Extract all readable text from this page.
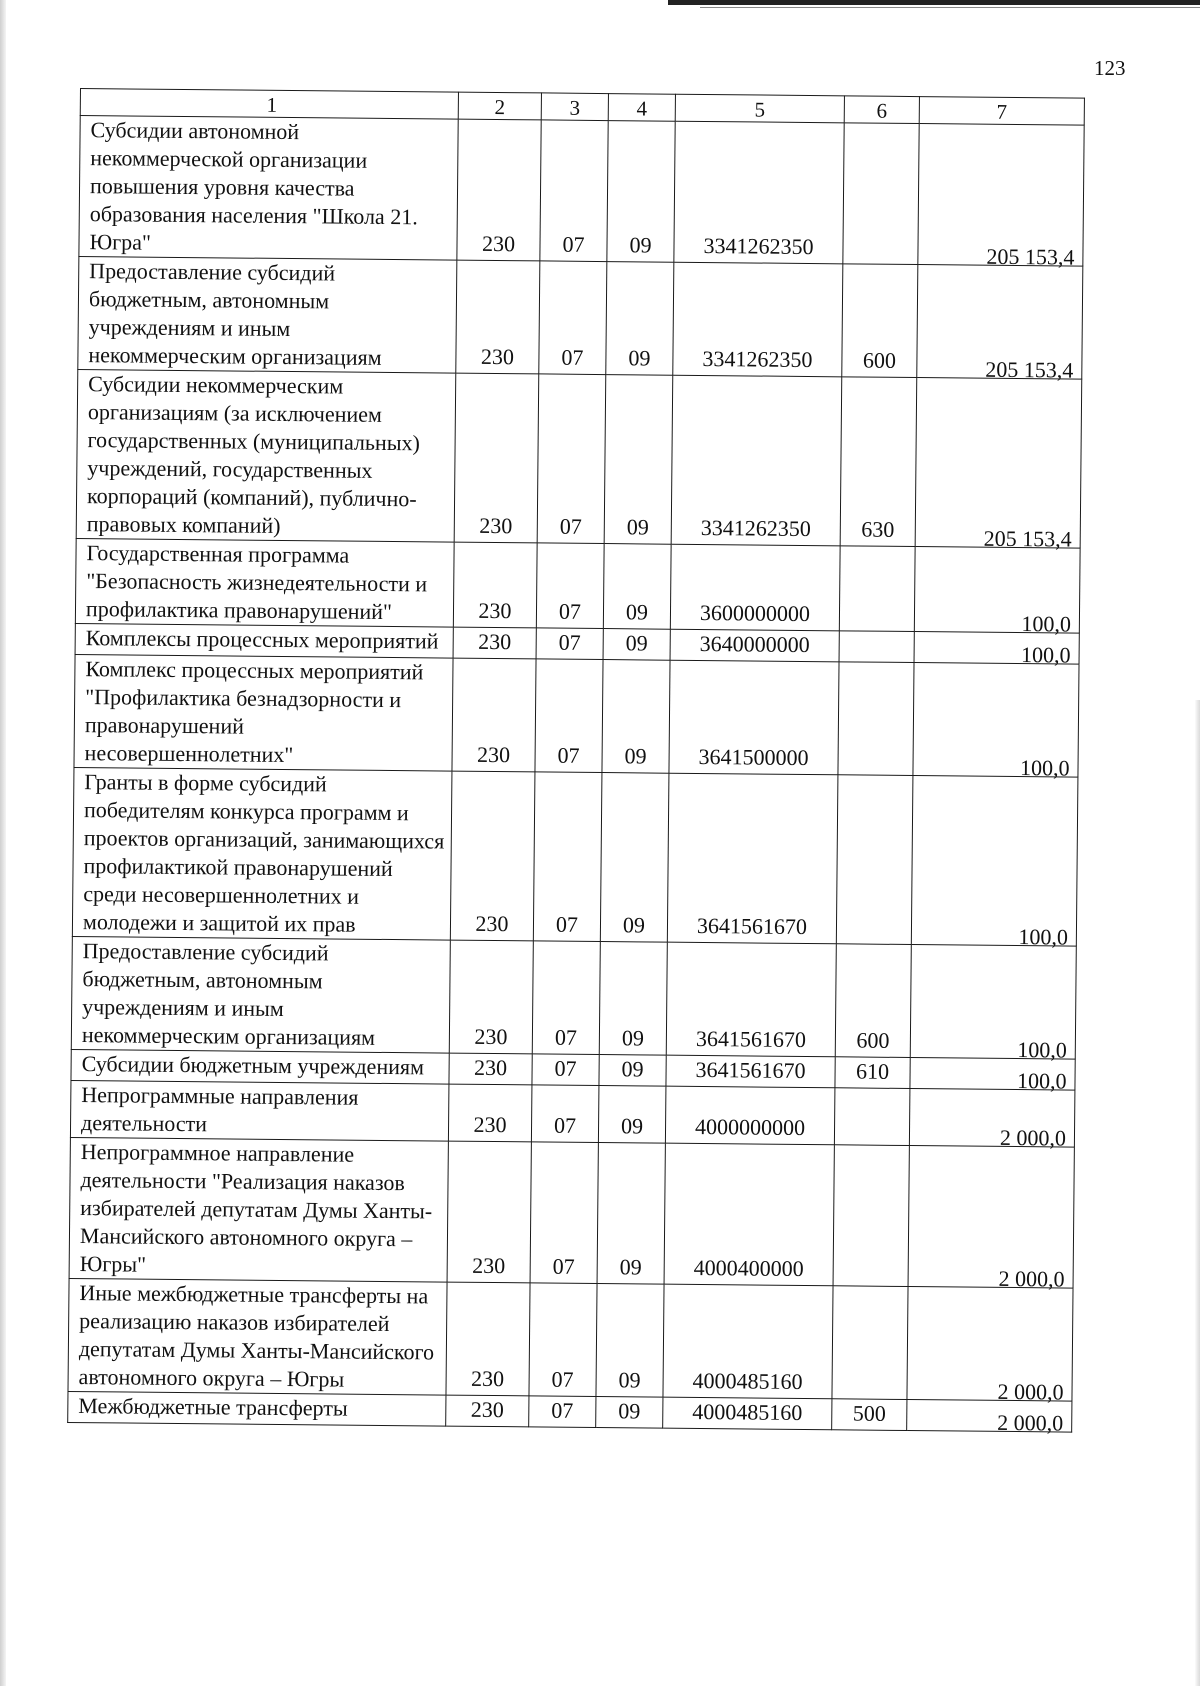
123
1	2	3	4	5	6	7
Субсидии автономной некоммерческой организации повышения уровня качества образования населения "Школа 21. Югра"	230	07	09	3341262350		205 153,4
Предоставление субсидий бюджетным, автономным учреждениям и иным некоммерческим организациям	230	07	09	3341262350	600	205 153,4
Субсидии некоммерческим организациям (за исключением государственных (муниципальных) учреждений, государственных корпораций (компаний), публично-правовых компаний)	230	07	09	3341262350	630	205 153,4
Государственная программа "Безопасность жизнедеятельности и профилактика правонарушений"	230	07	09	3600000000		100,0
Комплексы процессных мероприятий	230	07	09	3640000000		100,0
Комплекс процессных мероприятий "Профилактика безнадзорности и правонарушений несовершеннолетних"	230	07	09	3641500000		100,0
Гранты в форме субсидий победителям конкурса программ и проектов организаций, занимающихся профилактикой правонарушений среди несовершеннолетних и молодежи и защитой их прав	230	07	09	3641561670		100,0
Предоставление субсидий бюджетным, автономным учреждениям и иным некоммерческим организациям	230	07	09	3641561670	600	100,0
Субсидии бюджетным учреждениям	230	07	09	3641561670	610	100,0
Непрограммные направления деятельности	230	07	09	4000000000		2 000,0
Непрограммное направление деятельности "Реализация наказов избирателей депутатам Думы Ханты-Мансийского автономного округа – Югры"	230	07	09	4000400000		2 000,0
Иные межбюджетные трансферты на реализацию наказов избирателей депутатам Думы Ханты-Мансийского автономного округа – Югры	230	07	09	4000485160		2 000,0
Межбюджетные трансферты	230	07	09	4000485160	500	2 000,0
